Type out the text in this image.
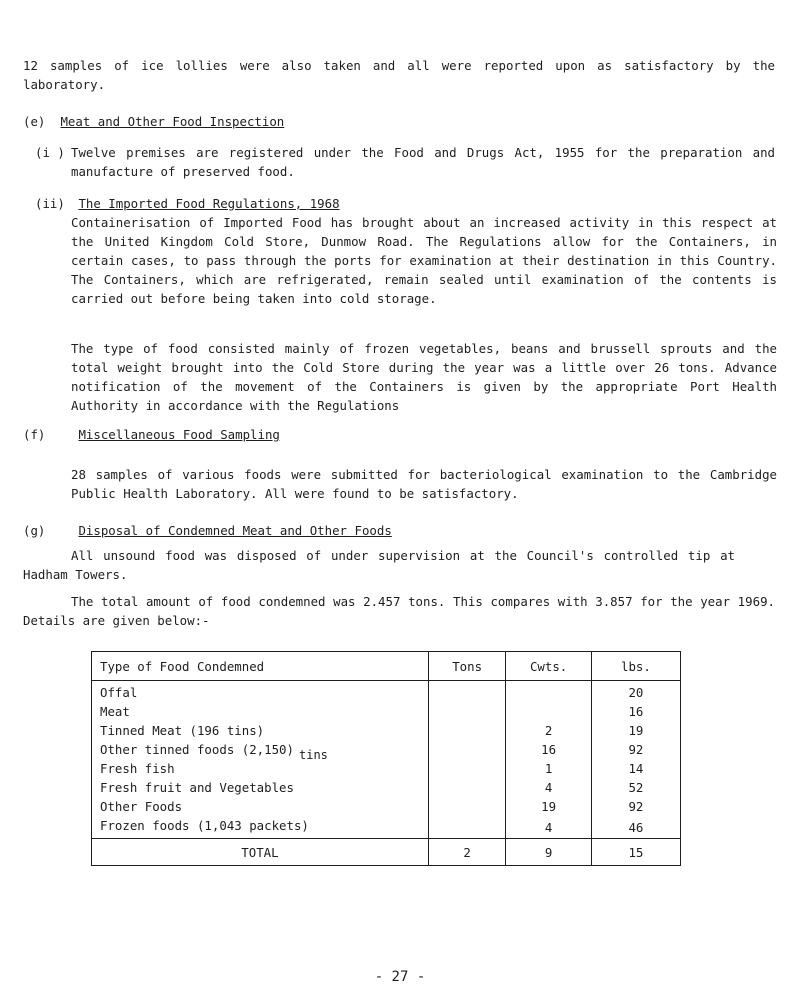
12 samples of ice lollies were also taken and all were reported upon as satisfactory by the laboratory.

(e) Meat and Other Food Inspection
(i ) Twelve premises are registered under the Food and Drugs Act, 1955 for the preparation and manufacture of preserved food.

(ii) The Imported Food Regulations, 1968

Containerisation of Imported Food has brought about an increased activity in this respect at the United Kingdom Cold Store, Dunmow Road. The Regulations allow for the Containers, in certain cases, to pass through the ports for examination at their destination in this Country. The Containers, which are refrigerated, remain sealed until examination of the contents is carried out before being taken into cold storage.

The type of food consisted mainly of frozen vegetables, beans and brussell sprouts and the total weight brought into the Cold Store during the year was a little over 26 tons. Advance notification of the movement of the Containers is given by the appropriate Port Health Authority in accordance with the Regulations

(f)	Miscellaneous Food Sampling

28 samples of various foods were submitted for bacteriological examination to the Cambridge Public Health Laboratory. All were found to be satisfactory.

(g)	Disposal of Condemned Meat and Other Foods

All unsound food was disposed of under supervision at the Council's controlled tip at Hadham Towers.

The total amount of food condemned was 2.457 tons. This compares with 3.857 for the year 1969. Details are given below:-

Type of Food Condemned	Tons	Cwts.	lbs.
Offal			20
Meat			16
Tinned Meat (196 tins)		2	19
Other tinned foods (2,150)		16	92
Fresh fish		1	14
Fresh fruit and Vegetables		4	52
Other Foods		19	92
Frozen foods (1,043 packets)		4	46
TOTAL	2	9	15
tins
- 27 -
